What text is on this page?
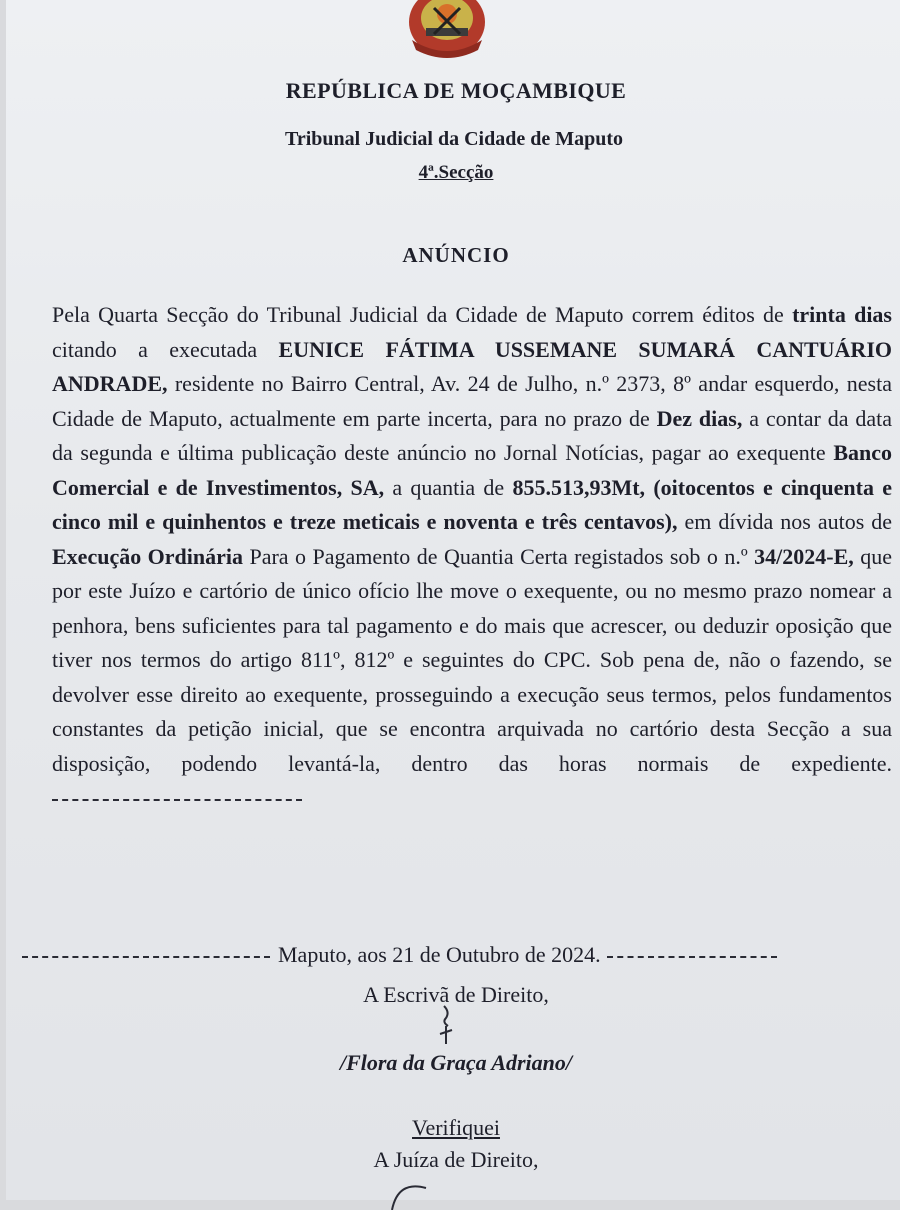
REPÚBLICA DE MOÇAMBIQUE
Tribunal Judicial da Cidade de Maputo
4ª.Secção
ANÚNCIO

Pela Quarta Secção do Tribunal Judicial da Cidade de Maputo correm éditos de trinta dias citando a executada EUNICE FÁTIMA USSEMANE SUMARÁ CANTUÁRIO ANDRADE, residente no Bairro Central, Av. 24 de Julho, n.º 2373, 8º andar esquerdo, nesta Cidade de Maputo, actualmente em parte incerta, para no prazo de Dez dias, a contar da data da segunda e última publicação deste anúncio no Jornal Notícias, pagar ao exequente Banco Comercial e de Investimentos, SA, a quantia de 855.513,93Mt, (oitocentos e cinquenta e cinco mil e quinhentos e treze meticais e noventa e três centavos), em dívida nos autos de Execução Ordinária Para o Pagamento de Quantia Certa registados sob o n.º 34/2024-E, que por este Juízo e cartório de único ofício lhe move o exequente, ou no mesmo prazo nomear a penhora, bens suficientes para tal pagamento e do mais que acrescer, ou deduzir oposição que tiver nos termos do artigo 811º, 812º e seguintes do CPC. Sob pena de, não o fazendo, se devolver esse direito ao exequente, prosseguindo a execução seus termos, pelos fundamentos constantes da petição inicial, que se encontra arquivada no cartório desta Secção a sua disposição, podendo levantá-la, dentro das horas normais de expediente.

Maputo, aos 21 de Outubro de 2024.
A Escrivã de Direito,
/Flora da Graça Adriano/
Verifiquei
A Juíza de Direito,
